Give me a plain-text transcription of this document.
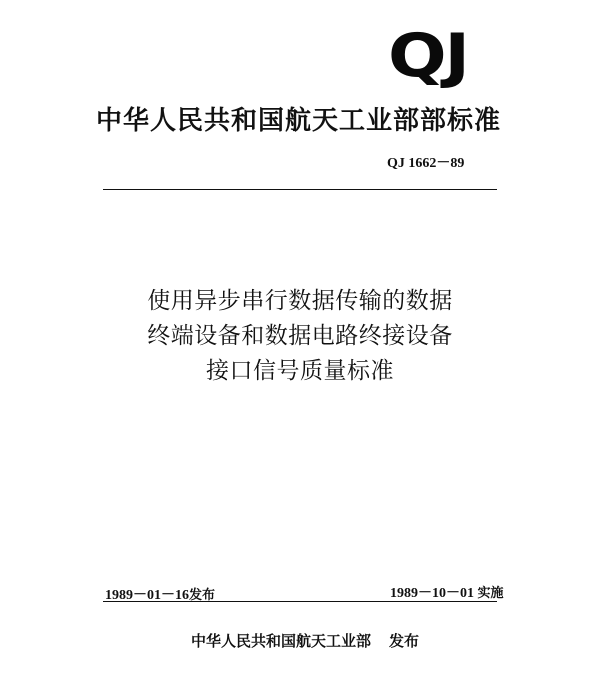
QJ
中华人民共和国航天工业部部标准
QJ 1662－89
使用异步串行数据传输的数据
终端设备和数据电路终接设备
接口信号质量标准
1989－01－16发布	1989－10－01 实施
中华人民共和国航天工业部 发布
